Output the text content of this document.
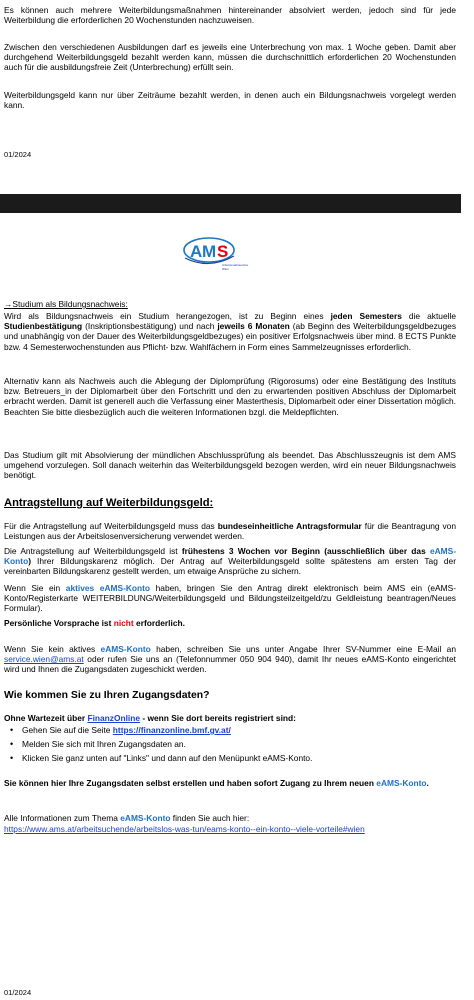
Es können auch mehrere Weiterbildungsmaßnahmen hintereinander absolviert werden, jedoch sind für jede Weiterbildung die erforderlichen 20 Wochenstunden nachzuweisen.

Zwischen den verschiedenen Ausbildungen darf es jeweils eine Unterbrechung von max. 1 Woche geben. Damit aber durchgehend Weiterbildungsgeld bezahlt werden kann, müssen die durchschnittlich erforderlichen 20 Wochenstunden auch für die ausbildungsfreie Zeit (Unterbrechung) erfüllt sein.

Weiterbildungsgeld kann nur über Zeiträume bezahlt werden, in denen auch ein Bildungsnachweis vorgelegt werden kann.

01/2024
A M S
Arbeitsmarktservice
Wien

→Studium als Bildungsnachweis:

Wird als Bildungsnachweis ein Studium herangezogen, ist zu Beginn eines jeden Semesters die aktuelle Studienbestätigung (Inskriptionsbestätigung) und nach jeweils 6 Monaten (ab Beginn des Weiterbildungsgeldbezuges und unabhängig von der Dauer des Weiterbildungsgeldbezuges) ein positiver Erfolgsnachweis über mind. 8 ECTS Punkte bzw. 4 Semesterwochenstunden aus Pflicht- bzw. Wahlfächern in Form eines Sammelzeugnisses erforderlich.

Alternativ kann als Nachweis auch die Ablegung der Diplomprüfung (Rigorosums) oder eine Bestätigung des Instituts bzw. Betreuers_in der Diplomarbeit über den Fortschritt und den zu erwartenden positiven Abschluss der Diplomarbeit erbracht werden. Damit ist generell auch die Verfassung einer Masterthesis, Diplomarbeit oder einer Dissertation möglich. Beachten Sie bitte diesbezüglich auch die weiteren Informationen bzgl. die Meldepflichten.

Das Studium gilt mit Absolvierung der mündlichen Abschlussprüfung als beendet. Das Abschlusszeugnis ist dem AMS umgehend vorzulegen. Soll danach weiterhin das Weiterbildungsgeld bezogen werden, wird ein neuer Bildungsnachweis benötigt.

Antragstellung auf Weiterbildungsgeld:

Für die Antragstellung auf Weiterbildungsgeld muss das bundeseinheitliche Antragsformular für die Beantragung von Leistungen aus der Arbeitslosenversicherung verwendet werden.

Die Antragstellung auf Weiterbildungsgeld ist frühestens 3 Wochen vor Beginn (ausschließlich über das eAMS-Konto) Ihrer Bildungskarenz möglich. Der Antrag auf Weiterbildungsgeld sollte spätestens am ersten Tag der vereinbarten Bildungskarenz gestellt werden, um etwaige Ansprüche zu sichern.

Wenn Sie ein aktives eAMS-Konto haben, bringen Sie den Antrag direkt elektronisch beim AMS ein (eAMS-Konto/Registerkarte WEITERBILDUNG/Weiterbildungsgeld und Bildungsteilzeitgeld/zu Geldleistung beantragen/Neues Formular).

Persönliche Vorsprache ist nicht erforderlich.

Wenn Sie kein aktives eAMS-Konto haben, schreiben Sie uns unter Angabe Ihrer SV-Nummer eine E-Mail an service.wien@ams.at oder rufen Sie uns an (Telefonnummer 050 904 940), damit Ihr neues eAMS-Konto eingerichtet wird und Ihnen die Zugangsdaten zugeschickt werden.

Wie kommen Sie zu Ihren Zugangsdaten?

Ohne Wartezeit über FinanzOnline - wenn Sie dort bereits registriert sind:

• Gehen Sie auf die Seite https://finanzonline.bmf.gv.at/
• Melden Sie sich mit Ihren Zugangsdaten an.
• Klicken Sie ganz unten auf "Links" und dann auf den Menüpunkt eAMS-Konto.

Sie können hier Ihre Zugangsdaten selbst erstellen und haben sofort Zugang zu Ihrem neuen eAMS-Konto.

Alle Informationen zum Thema eAMS-Konto finden Sie auch hier:

https://www.ams.at/arbeitsuchende/arbeitslos-was-tun/eams-konto--ein-konto--viele-vorteile#wien
01/2024
